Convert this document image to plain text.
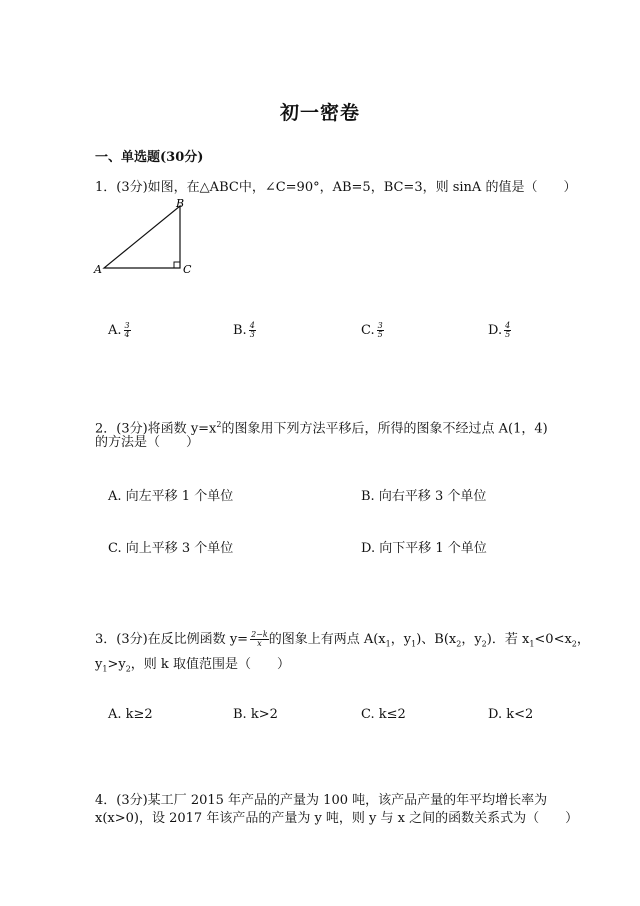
初一密卷
一、单选题(30分)
1．(3分)如图，在△ABC中，∠C=90°，AB=5，BC=3，则 sinA 的值是（　　）
A
B
C
A. $\frac{3}{4}$	B. $\frac{4}{3}$	C. $\frac{3}{5}$	D. $\frac{4}{5}$
2．(3分)将函数 $y=x^2$的图象用下列方法平移后，所得的图象不经过点 A(1，4)
的方法是（　　）
A. 向左平移 1 个单位	B. 向右平移 3 个单位
C. 向上平移 3 个单位	D. 向下平移 1 个单位
3．(3分)在反比例函数 $y= \frac{2-k}{x}$ 的图象上有两点 $A(x_1$，$y_1$)、$B(x_2$，$y_2$)．若 $x_1<0<x_2$，
$y_1>y_2$，则 k 取值范围是（　　）
A. k≥2	B. k>2	C. k≤2	D. k<2
4．(3分)某工厂 2015 年产品的产量为 100 吨，该产品产量的年平均增长率为
x(x>0)，设 2017 年该产品的产量为 y 吨，则 y 与 x 之间的函数关系式为（　　）
